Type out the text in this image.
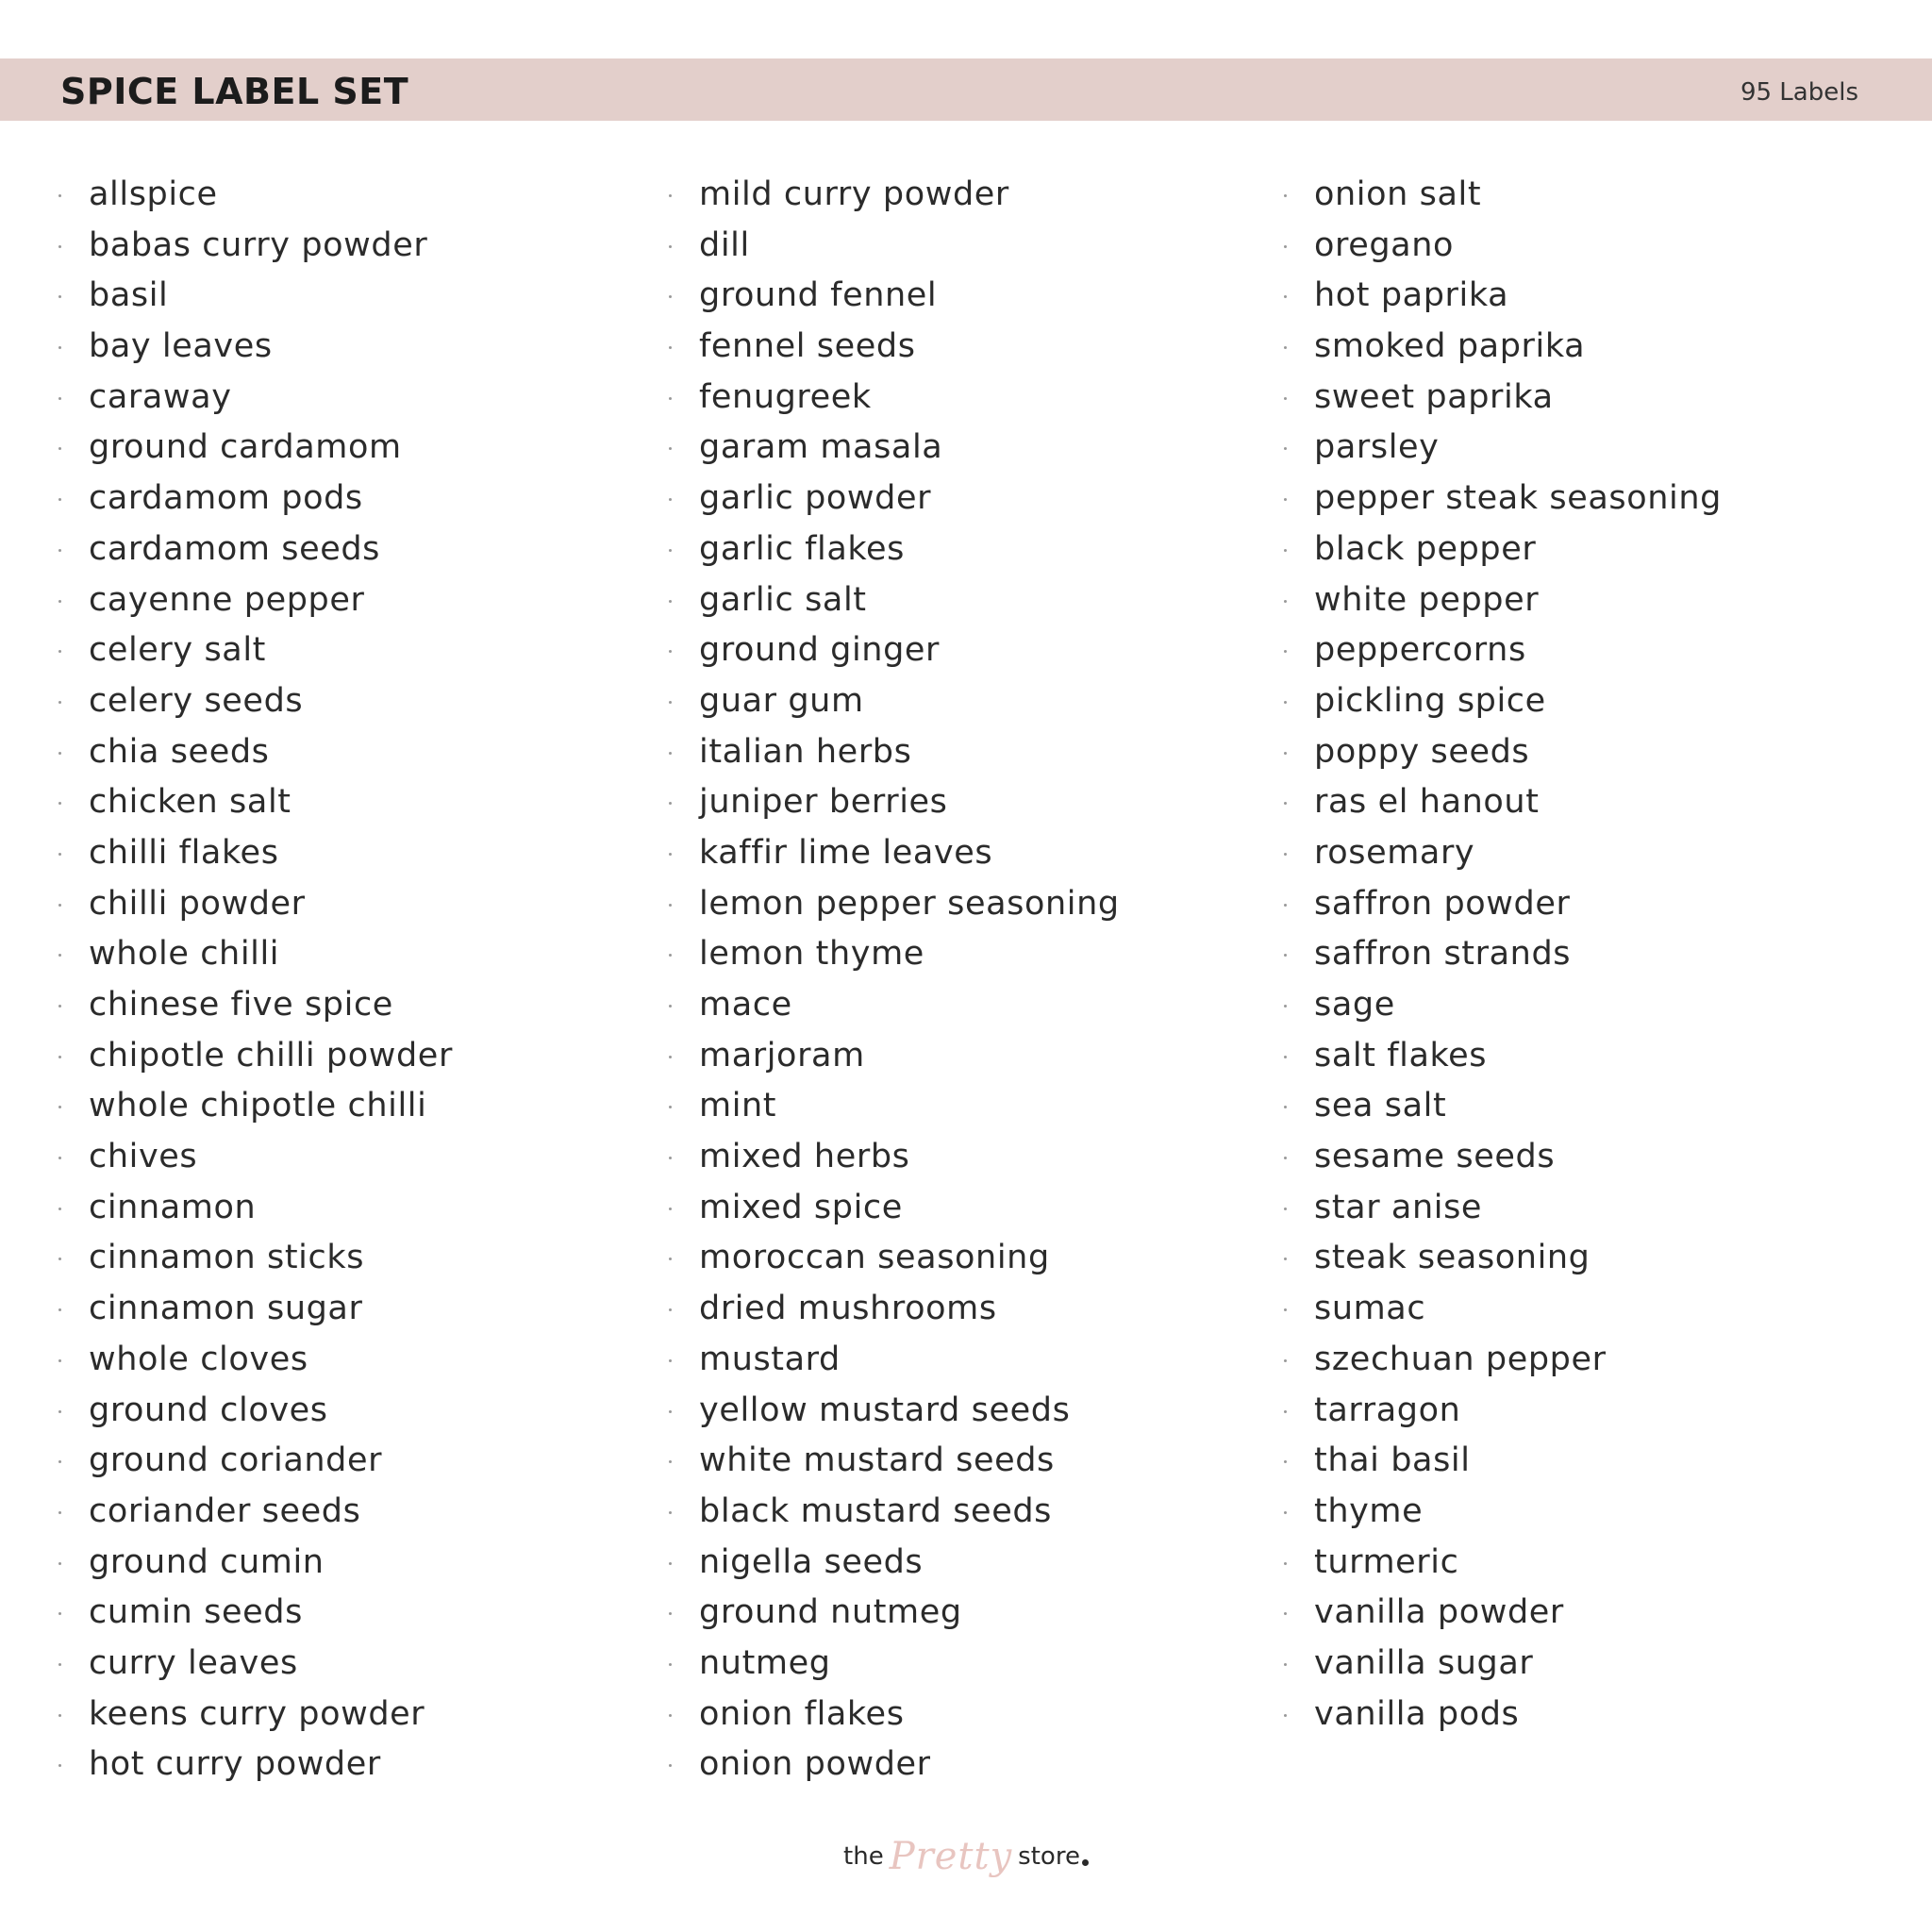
SPICE LABEL SET	95 Labels
allspice
babas curry powder
basil
bay leaves
caraway
ground cardamom
cardamom pods
cardamom seeds
cayenne pepper
celery salt
celery seeds
chia seeds
chicken salt
chilli flakes
chilli powder
whole chilli
chinese five spice
chipotle chilli powder
whole chipotle chilli
chives
cinnamon
cinnamon sticks
cinnamon sugar
whole cloves
ground cloves
ground coriander
coriander seeds
ground cumin
cumin seeds
curry leaves
keens curry powder
hot curry powder
mild curry powder
dill
ground fennel
fennel seeds
fenugreek
garam masala
garlic powder
garlic flakes
garlic salt
ground ginger
guar gum
italian herbs
juniper berries
kaffir lime leaves
lemon pepper seasoning
lemon thyme
mace
marjoram
mint
mixed herbs
mixed spice
moroccan seasoning
dried mushrooms
mustard
yellow mustard seeds
white mustard seeds
black mustard seeds
nigella seeds
ground nutmeg
nutmeg
onion flakes
onion powder
onion salt
oregano
hot paprika
smoked paprika
sweet paprika
parsley
pepper steak seasoning
black pepper
white pepper
peppercorns
pickling spice
poppy seeds
ras el hanout
rosemary
saffron powder
saffron strands
sage
salt flakes
sea salt
sesame seeds
star anise
steak seasoning
sumac
szechuan pepper
tarragon
thai basil
thyme
turmeric
vanilla powder
vanilla sugar
vanilla pods
the Pretty store
